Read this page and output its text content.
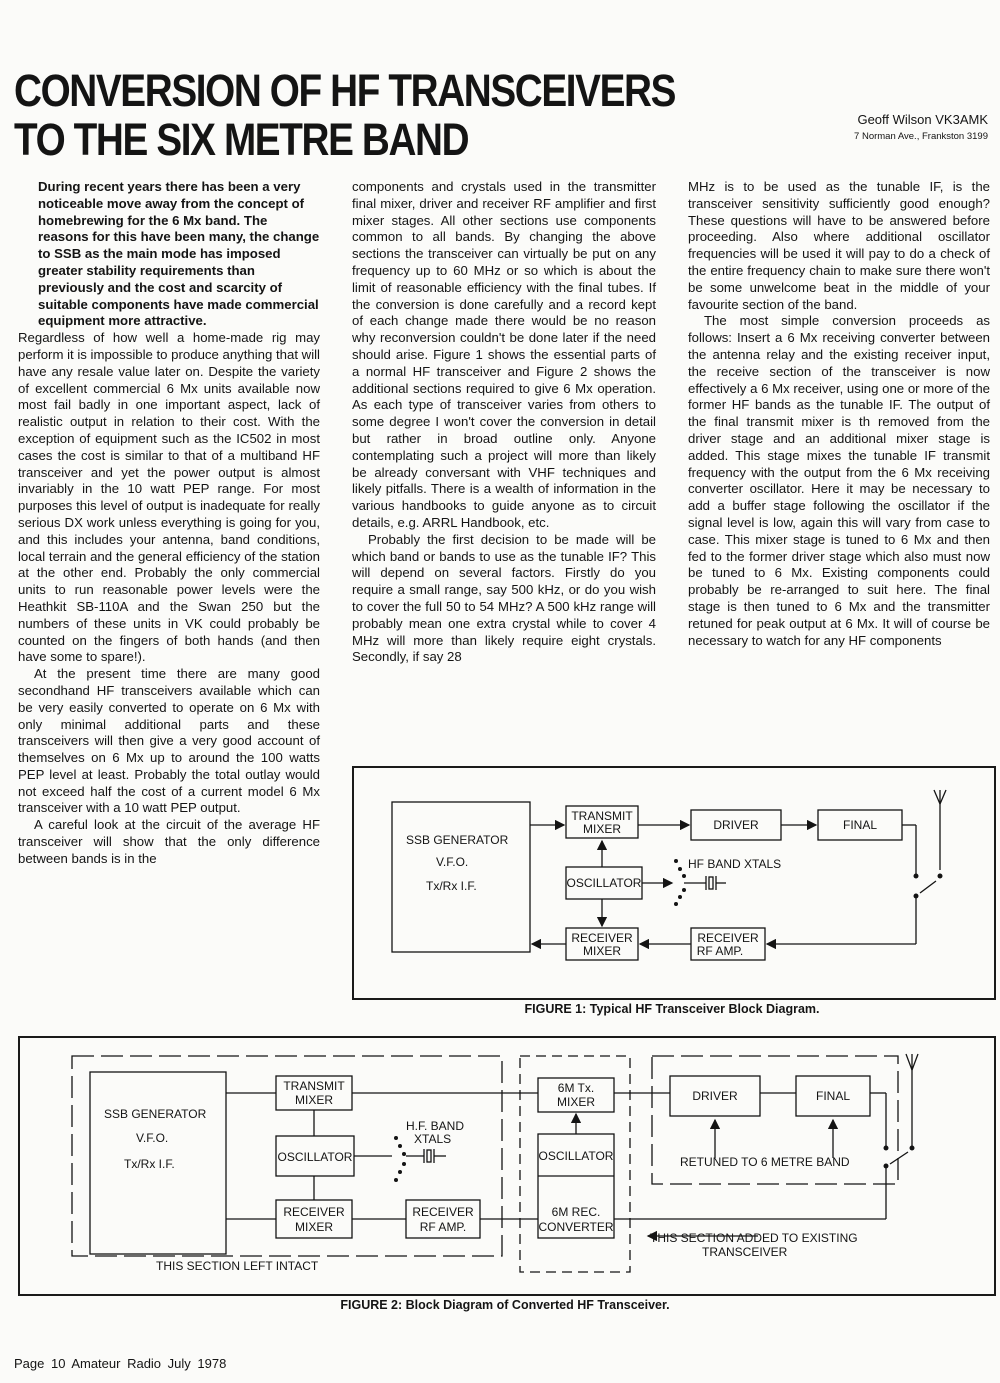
CONVERSION OF HF TRANSCEIVERS
TO THE SIX METRE BAND	Geoff Wilson VK3AMK
7 Norman Ave., Frankston 3199

During recent years there has been a very noticeable move away from the concept of homebrewing for the 6 Mx band. The reasons for this have been many, the change to SSB as the main mode has imposed greater stability requirements than previously and the cost and scarcity of suitable components have made commercial equipment more attractive.

Regardless of how well a home-made rig may perform it is impossible to produce anything that will have any resale value later on. Despite the variety of excellent commercial 6 Mx units available now most fail badly in one important aspect, lack of realistic output in relation to their cost. With the exception of equipment such as the IC502 in most cases the cost is similar to that of a multiband HF transceiver and yet the power output is almost invariably in the 10 watt PEP range. For most purposes this level of output is inadequate for really serious DX work unless everything is going for you, and this includes your antenna, band conditions, local terrain and the general efficiency of the station at the other end. Probably the only commercial units to run reasonable power levels were the Heathkit SB-110A and the Swan 250 but the numbers of these units in VK could probably be counted on the fingers of both hands (and then have some to spare!).

At the present time there are many good secondhand HF transceivers available which can be very easily converted to operate on 6 Mx with only minimal additional parts and these transceivers will then give a very good account of themselves on 6 Mx up to around the 100 watts PEP level at least. Probably the total outlay would not exceed half the cost of a current model 6 Mx transceiver with a 10 watt PEP output.

A careful look at the circuit of the average HF transceiver will show that the only difference between bands is in the

components and crystals used in the transmitter final mixer, driver and receiver RF amplifier and first mixer stages. All other sections use components common to all bands. By changing the above sections the transceiver can virtually be put on any frequency up to 60 MHz or so which is about the limit of reasonable efficiency with the final tubes. If the conversion is done carefully and a record kept of each change made there would be no reason why reconversion couldn't be done later if the need should arise. Figure 1 shows the essential parts of a normal HF transceiver and Figure 2 shows the additional sections required to give 6 Mx operation. As each type of transceiver varies from others to some degree I won't cover the conversion in detail but rather in broad outline only. Anyone contemplating such a project will more than likely be already conversant with VHF techniques and likely pitfalls. There is a wealth of information in the various handbooks to guide anyone as to circuit details, e.g. ARRL Handbook, etc.

Probably the first decision to be made will be which band or bands to use as the tunable IF? This will depend on several factors. Firstly do you require a small range, say 500 kHz, or do you wish to cover the full 50 to 54 MHz? A 500 kHz range will probably mean one extra crystal while to cover 4 MHz will more than likely require eight crystals. Secondly, if say 28

MHz is to be used as the tunable IF, is the transceiver sensitivity sufficiently good enough? These questions will have to be answered before proceeding. Also where additional oscillator frequencies will be used it will pay to do a check of the entire frequency chain to make sure there won't be some unwelcome beat in the middle of your favourite section of the band.

The most simple conversion proceeds as follows: Insert a 6 Mx receiving converter between the antenna relay and the existing receiver input, the receive section of the transceiver is now effectively a 6 Mx receiver, using one or more of the former HF bands as the tunable IF. The output of the final transmit mixer is th removed from the driver stage and an additional mixer stage is added. This stage mixes the tunable IF transmit frequency with the output from the 6 Mx receiving converter oscillator. Here it may be necessary to add a buffer stage following the oscillator if the signal level is low, again this will vary from case to case. This mixer stage is tuned to 6 Mx and then fed to the former driver stage which also must now be tuned to 6 Mx. Existing components could probably be re-arranged to suit here. The final stage is then tuned to 6 Mx and the transmitter retuned for peak output at 6 Mx. It will of course be necessary to watch for any HF components

SSB GENERATOR
V.F.O.
Tx/Rx I.F.
TRANSMIT
MIXER	DRIVER	FINAL
OSCILLATOR
HF BAND XTALS
RECEIVER
MIXER
RECEIVER
RF AMP.
FIGURE 1: Typical HF Transceiver Block Diagram.
SSB GENERATOR
V.F.O.
Tx/Rx I.F.
TRANSMIT
MIXER
OSCILLATOR
H.F. BAND
XTALS
RECEIVER
MIXER
RECEIVER
RF AMP.
6M Tx.
MIXER
OSCILLATOR
6M REC.
CONVERTER
DRIVER	FINAL
RETUNED TO 6 METRE BAND
THIS SECTION LEFT INTACT
THIS SECTION ADDED TO EXISTING
TRANSCEIVER
FIGURE 2: Block Diagram of Converted HF Transceiver.
Page 10 Amateur Radio July 1978
